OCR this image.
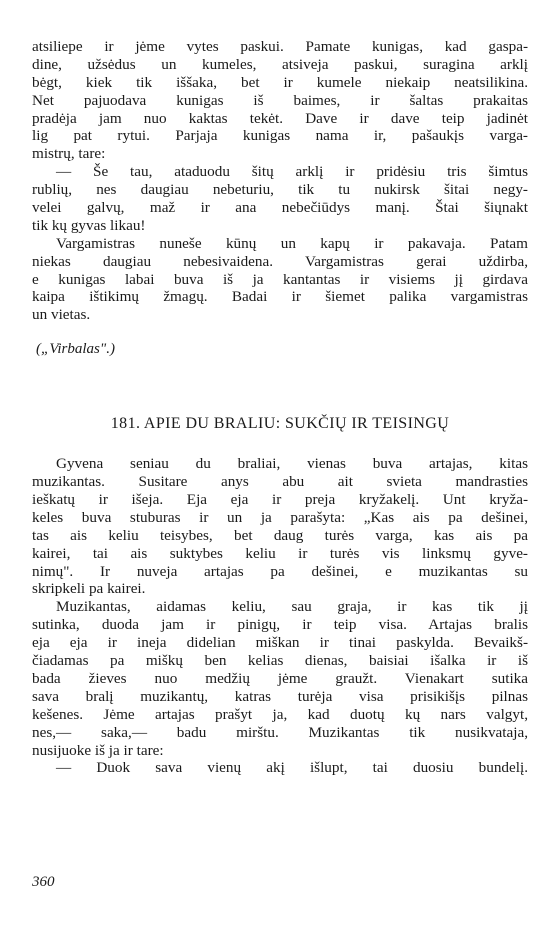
atsiliepe ir jėme vytes paskui. Pamate kunigas, kad gaspa-
dine, užsėdus un kumeles, atsiveja paskui, suragina arklį
bėgt, kiek tik iššaka, bet ir kumele niekaip neatsilikina.
Net pajuodava kunigas iš baimes, ir šaltas prakaitas
pradėja jam nuo kaktas tekėt. Dave ir dave teip jadinėt
lig pat rytui. Parjaja kunigas nama ir, pašaukįs varga-
mistrų, tare:
— Še tau, ataduodu šitų arklį ir pridėsiu tris šimtus
rublių, nes daugiau nebeturiu, tik tu nukirsk šitai negy-
velei galvų, maž ir ana nebečiūdys manį. Štai šiųnakt
tik kų gyvas likau!
Vargamistras nuneše kūnų un kapų ir pakavaja. Patam
niekas daugiau nebesivaidena. Vargamistras gerai uždirba,
e kunigas labai buva iš ja kantantas ir visiems jį girdava
kaipa ištikimų žmagų. Badai ir šiemet palika vargamistras
un vietas.
(„Virbalas".)
181. APIE DU BRALIU: SUKČIŲ IR TEISINGŲ
Gyvena seniau du braliai, vienas buva artajas, kitas
muzikantas. Susitare anys abu ait svieta mandrasties
ieškatų ir išeja. Eja eja ir preja kryžakelį. Unt kryža-
keles buva stuburas ir un ja parašyta: „Kas ais pa dešinei,
tas ais keliu teisybes, bet daug turės varga, kas ais pa
kairei, tai ais suktybes keliu ir turės vis linksmų gyve-
nimų". Ir nuveja artajas pa dešinei, e muzikantas su
skripkeli pa kairei.
Muzikantas, aidamas keliu, sau graja, ir kas tik jį
sutinka, duoda jam ir pinigų, ir teip visa. Artajas bralis
eja eja ir ineja didelian miškan ir tinai paskylda. Bevaikš-
čiadamas pa miškų ben kelias dienas, baisiai išalka ir iš
bada žieves nuo medžių jėme graužt. Vienakart sutika
sava bralį muzikantų, katras turėja visa prisikišįs pilnas
kešenes. Jėme artajas prašyt ja, kad duotų kų nars valgyt,
nes,— saka,— badu mirštu. Muzikantas tik nusikvataja,
nusijuoke iš ja ir tare:
— Duok sava vienų akį išlupt, tai duosiu bundelį.
360
